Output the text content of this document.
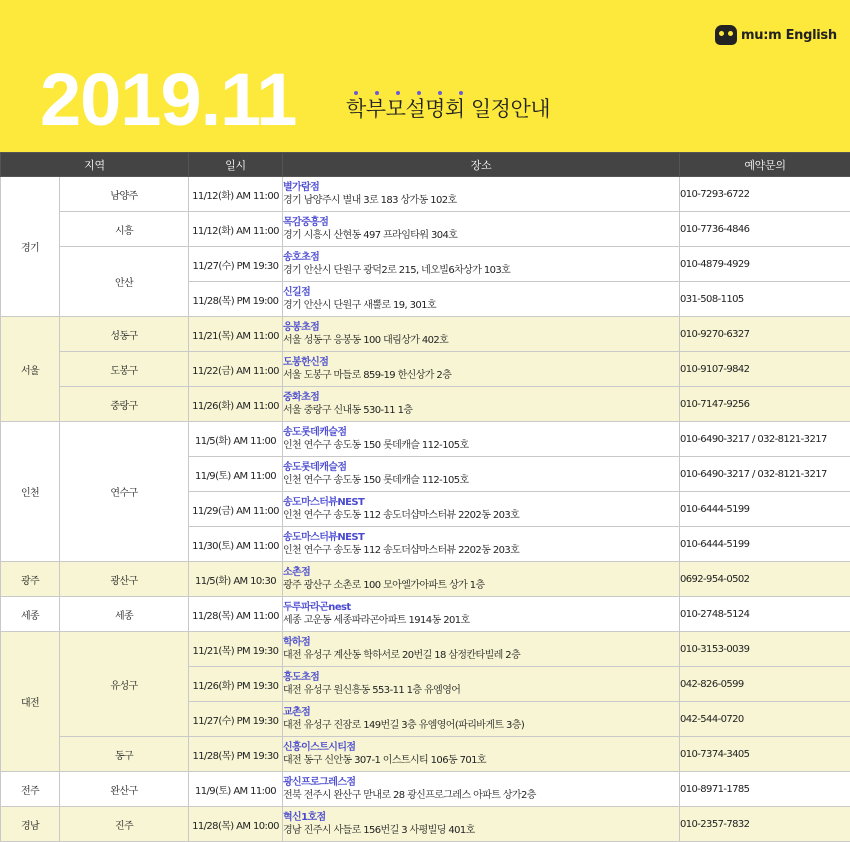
mu:m English
2019.11 학부모설명회 일정안내
지역		일시	장소	예약문의
경기	남양주	11/12(화) AM 11:00	별가람점
경기 남양주시 별내 3로 183 상가동 102호	010-7293-6722
	시흥	11/12(화) AM 11:00	목감중흥점
경기 시흥시 산현동 497 프라임타워 304호	010-7736-4846
	안산	11/27(수) PM 19:30	송호초점
경기 안산시 단원구 광덕2로 215, 네오빌6차상가 103호	010-4879-4929
		11/28(목) PM 19:00	신길점
경기 안산시 단원구 새뿔로 19, 301호	031-508-1105
서울	성동구	11/21(목) AM 11:00	응봉초점
서울 성동구 응봉동 100 대림상가 402호	010-9270-6327
	도봉구	11/22(금) AM 11:00	도봉한신점
서울 도봉구 마들로 859-19 한신상가 2층	010-9107-9842
	중랑구	11/26(화) AM 11:00	중화초점
서울 중랑구 신내동 530-11 1층	010-7147-9256
인천	연수구	11/5(화) AM 11:00	송도롯데캐슬점
인천 연수구 송도동 150 롯데캐슬 112-105호	010-6490-3217 / 032-8121-3217
		11/9(토) AM 11:00	송도롯데캐슬점
인천 연수구 송도동 150 롯데캐슬 112-105호	010-6490-3217 / 032-8121-3217
		11/29(금) AM 11:00	송도마스터뷰NEST
인천 연수구 송도동 112 송도더샵마스터뷰 2202동 203호	010-6444-5199
		11/30(토) AM 11:00	송도마스터뷰NEST
인천 연수구 송도동 112 송도더샵마스터뷰 2202동 203호	010-6444-5199
광주	광산구	11/5(화) AM 10:30	소촌점
광주 광산구 소촌로 100 모아엘가아파트 상가 1층	0692-954-0502
세종	세종	11/28(목) AM 11:00	두루파라곤nest
세종 고운동 세종파라곤아파트 1914동 201호	010-2748-5124
대전	유성구	11/21(목) PM 19:30	학하점
대전 유성구 계산동 학하서로 20번길 18 삼정칸타빌레 2층	010-3153-0039
		11/26(화) PM 19:30	흥도초점
대전 유성구 원신흥동 553-11 1층 유엠영어	042-826-0599
		11/27(수) PM 19:30	교촌점
대전 유성구 진잠로 149번길 3층 유엠영어(파리바게트 3층)	042-544-0720
	동구	11/28(목) PM 19:30	신흥이스트시티점
대전 동구 신안동 307-1 이스트시티 106동 701호	010-7374-3405
전주	완산구	11/9(토) AM 11:00	광신프로그레스점
전북 전주시 완산구 맏내로 28 광신프로그레스 아파트 상가2층	010-8971-1785
경남	진주	11/28(목) AM 10:00	혁신1호점
경남 진주시 사들로 156번길 3 사평빌딩 401호	010-2357-7832
